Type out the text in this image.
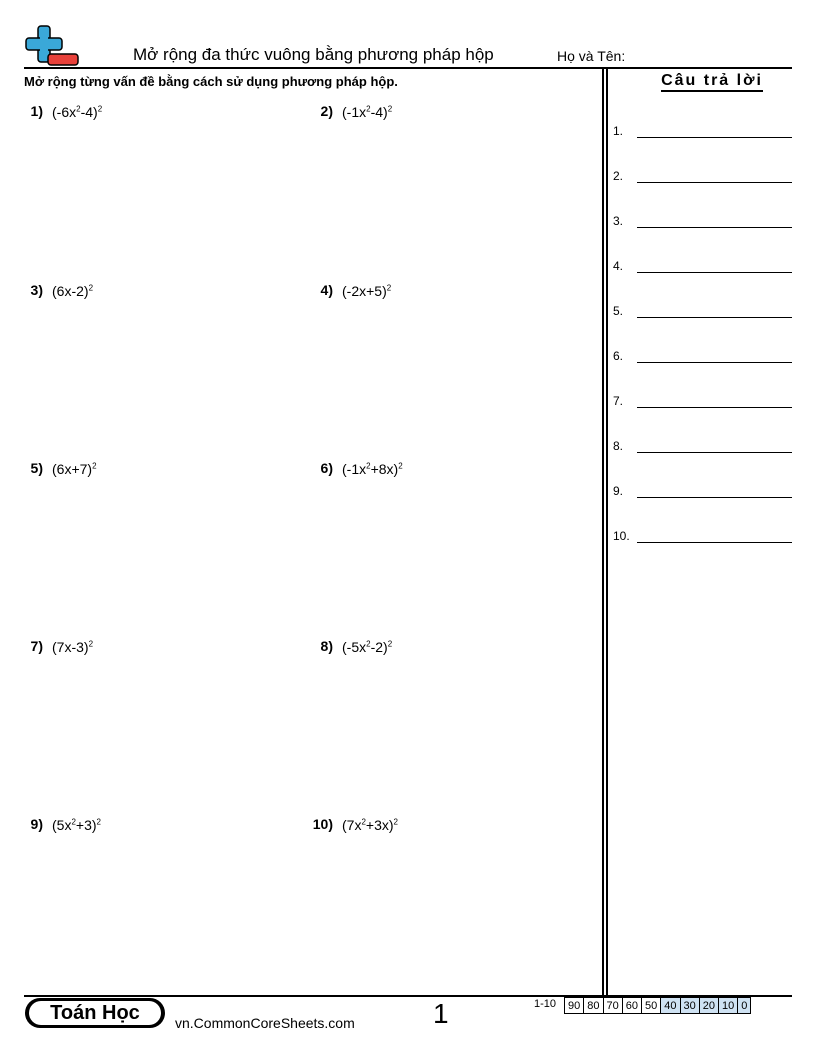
Mở rộng đa thức vuông bằng phương pháp hộp	Họ và Tên:
Mở rộng từng vấn đề bằng cách sử dụng phương pháp hộp.
1) $(-6x^2-4)^2$	2) $(-1x^2-4)^2$
3) $(6x-2)^2$	4) $(-2x+5)^2$
5) $(6x+7)^2$	6) $(-1x^2+8x)^2$
7) $(7x-3)^2$	8) $(-5x^2-2)^2$
9) $(5x^2+3)^2$	10) $(7x^2+3x)^2$
Câu trả lời
1.
2.
3.
4.
5.
6.
7.
8.
9.
10.
Toán Học	vn.CommonCoreSheets.com	1	1-10 90	80	70	60	50	40	30	20	10	0
